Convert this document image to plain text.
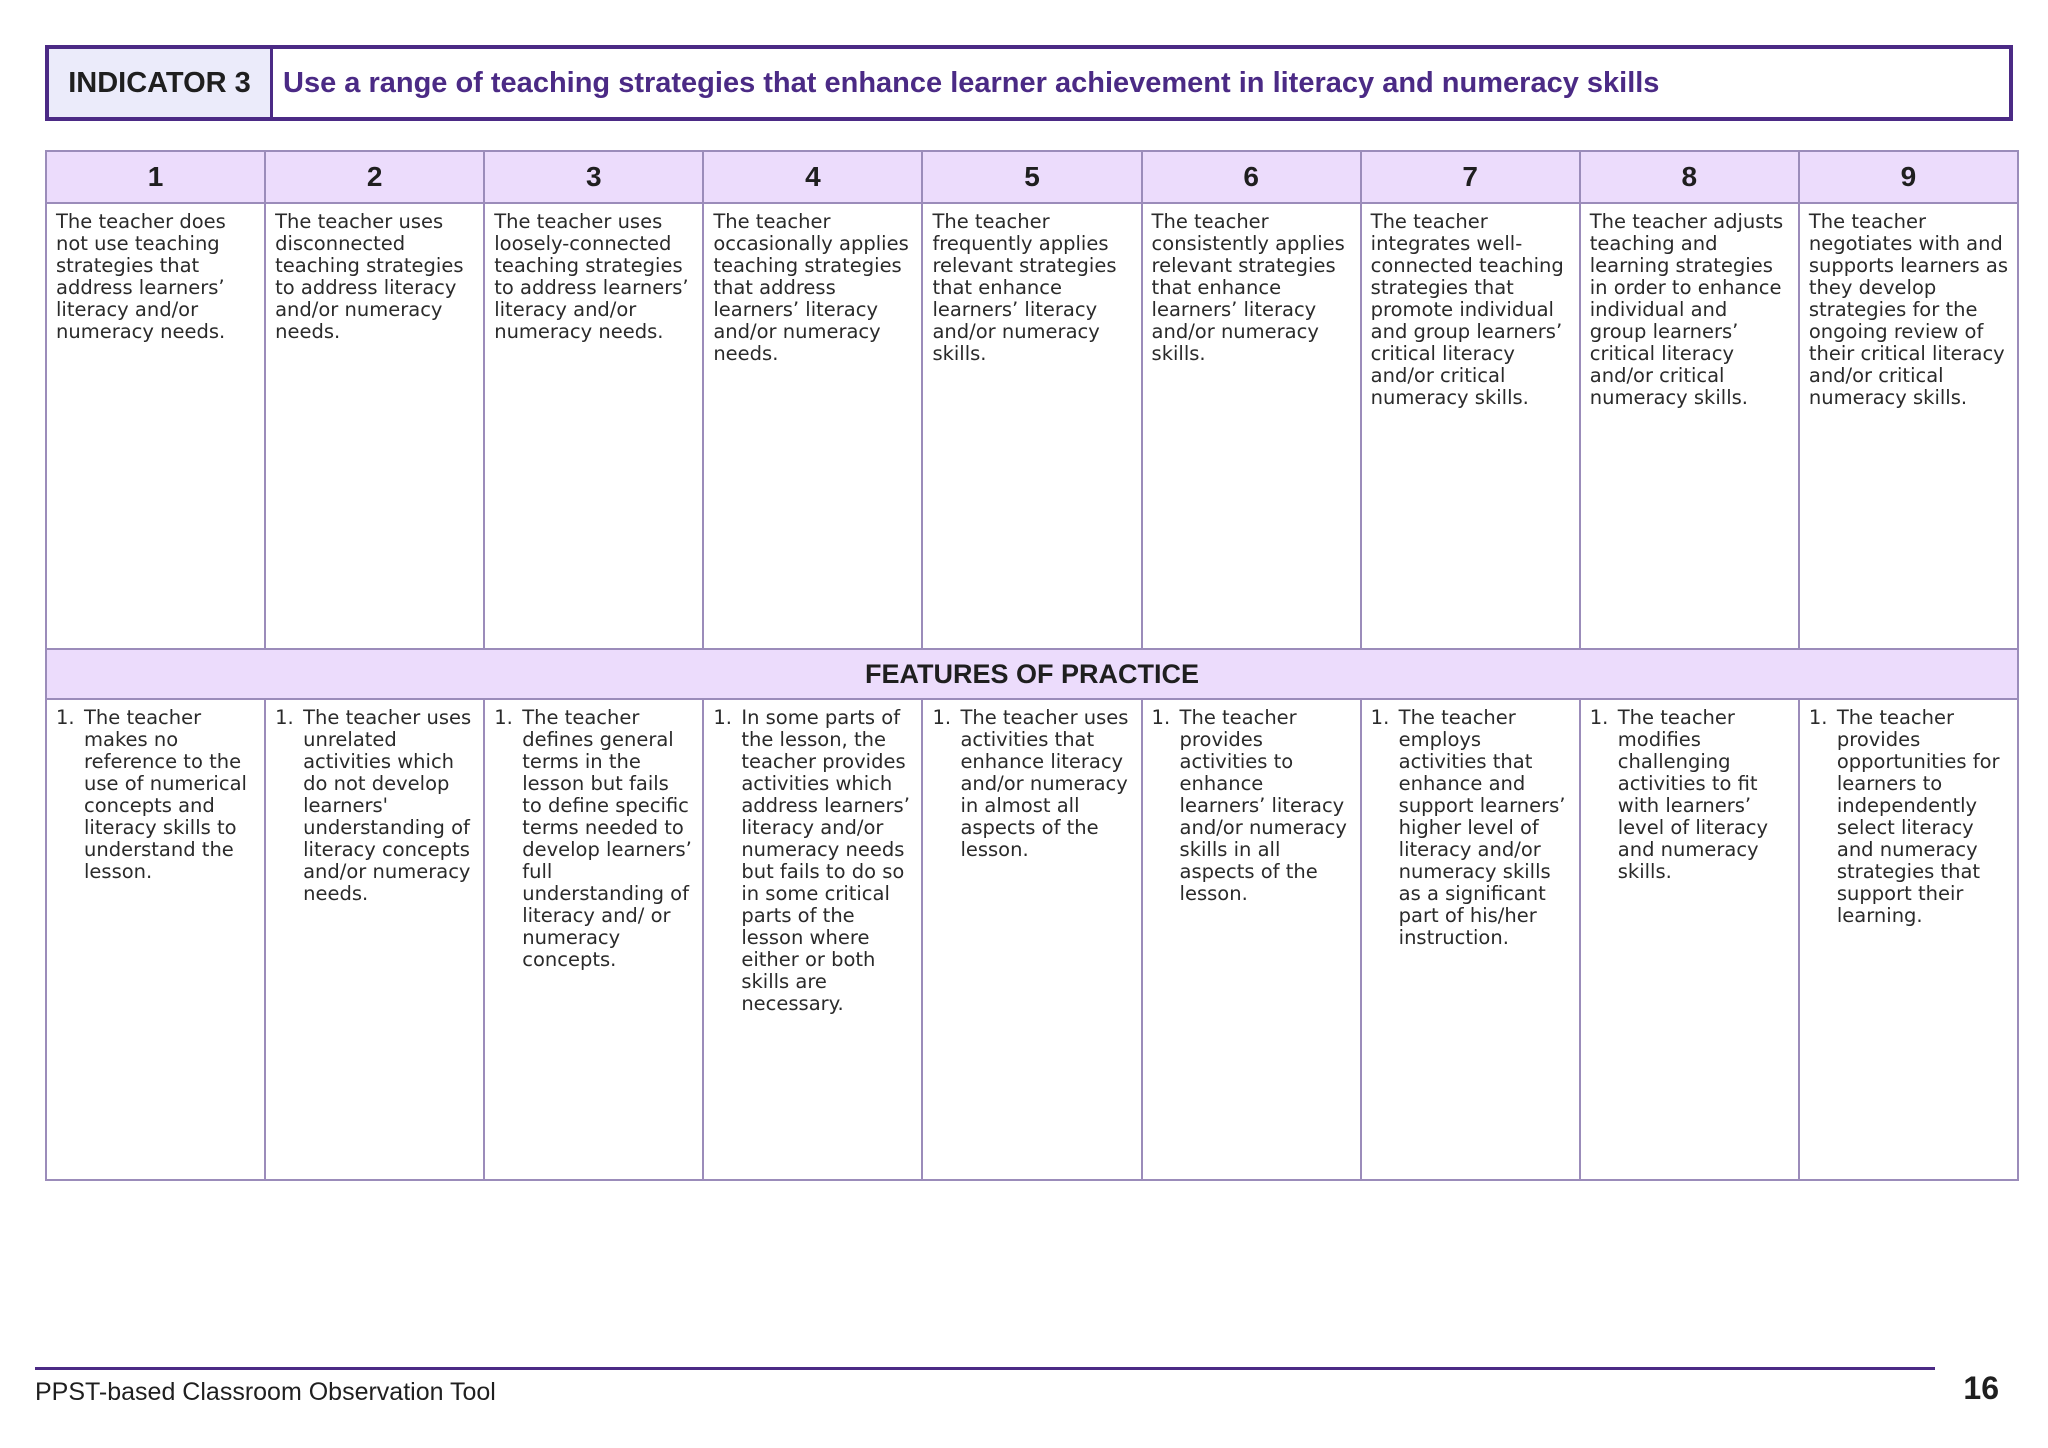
INDICATOR 3	Use a range of teaching strategies that enhance learner achievement in literacy and numeracy skills
1	2	3	4	5	6	7	8	9
The teacher does not use teaching strategies that address learners’ literacy and/or numeracy needs.	The teacher uses disconnected teaching strategies to address literacy and/or numeracy needs.	The teacher uses loosely-connected teaching strategies to address learners’ literacy and/or numeracy needs.	The teacher occasionally applies teaching strategies that address learners’ literacy and/or numeracy needs.	The teacher frequently applies relevant strategies that enhance learners’ literacy and/or numeracy skills.	The teacher consistently applies relevant strategies that enhance learners’ literacy and/or numeracy skills.	The teacher integrates well-connected teaching strategies that promote individual and group learners’ critical literacy and/or critical numeracy skills.	The teacher adjusts teaching and learning strategies in order to enhance individual and group learners’ critical literacy and/or critical numeracy skills.	The teacher negotiates with and supports learners as they develop strategies for the ongoing review of their critical literacy and/or critical numeracy skills.
FEATURES OF PRACTICE								

1. The teacher makes no reference to the use of numerical concepts and literacy skills to understand the lesson.	1. The teacher uses unrelated activities which do not develop learners' understanding of literacy concepts and/or numeracy needs.	1. The teacher defines general terms in the lesson but fails to define specific terms needed to develop learners’ full understanding of literacy and/ or numeracy concepts.	1. In some parts of the lesson, the teacher provides activities which address learners’ literacy and/or numeracy needs but fails to do so in some critical parts of the lesson where either or both skills are necessary.	1. The teacher uses activities that enhance literacy and/or numeracy in almost all aspects of the lesson.	1. The teacher provides activities to enhance learners’ literacy and/or numeracy skills in all aspects of the lesson.	1. The teacher employs activities that enhance and support learners’ higher level of literacy and/or numeracy skills as a significant part of his/her instruction.	1. The teacher modifies challenging activities to fit with learners’ level of literacy and numeracy skills.	1. The teacher provides opportunities for learners to independently select literacy and numeracy strategies that support their learning.
PPST-based Classroom Observation Tool	16
